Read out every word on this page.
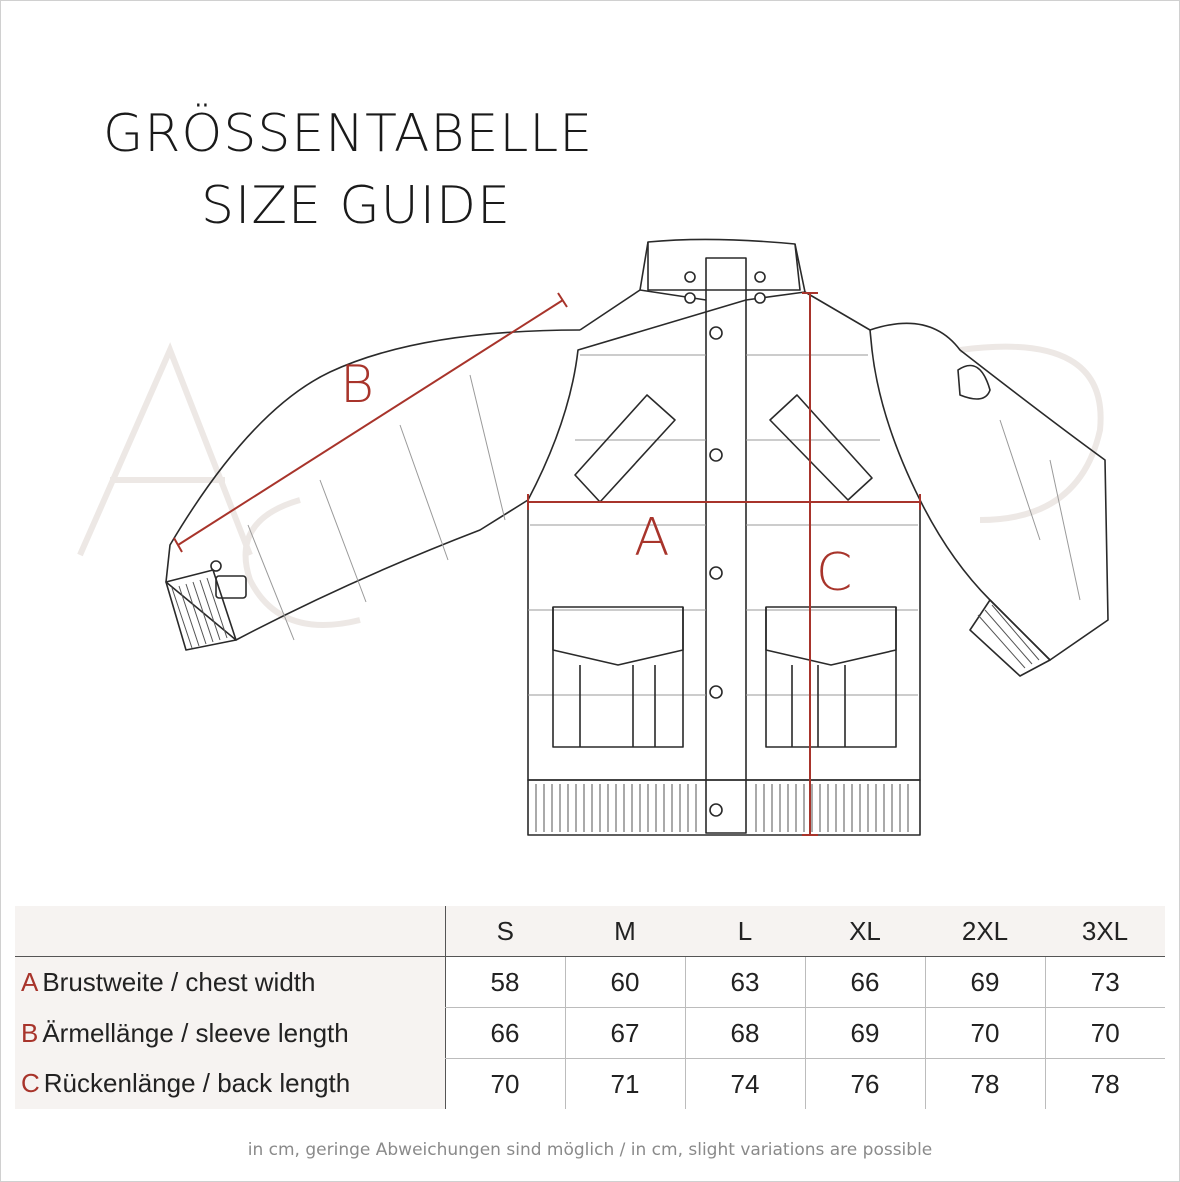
GRÖSSENTABELLE
SIZE GUIDE
A
B
C
	S	M	L	XL	2XL	3XL
A Brustweite / chest width	58	60	63	66	69	73
B Ärmellänge / sleeve length	66	67	68	69	70	70
C Rückenlänge / back length	70	71	74	76	78	78
in cm, geringe Abweichungen sind möglich / in cm, slight variations are possible
